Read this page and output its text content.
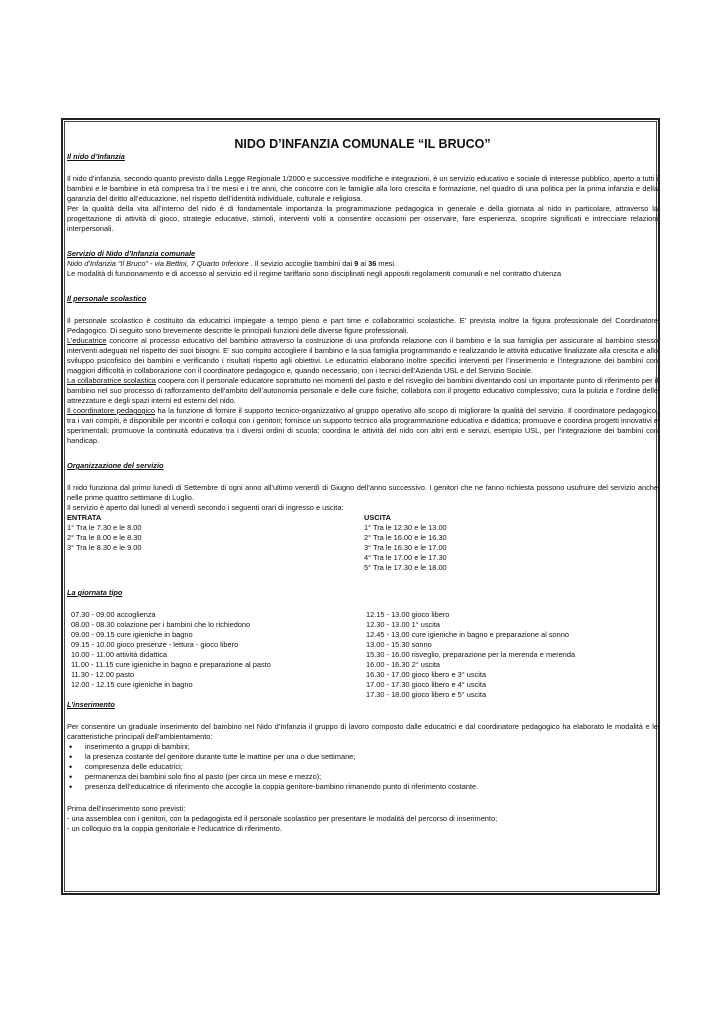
NIDO D’INFANZIA COMUNALE “IL BRUCO”

Il nido d’Infanzia

Il nido d’infanzia, secondo quanto previsto dalla Legge Regionale 1/2000 e successive modifiche e integrazioni, è un servizio educativo e sociale di interesse pubblico, aperto a tutti i bambini e le bambine in età compresa tra i tre mesi e i tre anni, che concorre con le famiglie alla loro crescita e formazione, nel quadro di una politica per la prima infanzia e della garanzia del diritto all’educazione, nel rispetto dell’identità individuale, culturale e religiosa.

Per la qualità della vita all’interno del nido è di fondamentale importanza la programmazione pedagogica in generale e della giornata al nido in particolare, attraverso la progettazione di attività di gioco, strategie educative, stimoli, interventi volti a consentire occasioni per osservare, fare esperienza, scoprire significati e intrecciare relazioni interpersonali.

Servizio di Nido d’Infanzia comunale

Nido d’Infanzia “Il Bruco” - via Bettini, 7 Quarto Inferiore . Il sevizio accoglie bambini dai 9 ai 36 mesi.

Le modalità di funzionamento e di accesso al servizio ed il regime tariffario sono disciplinati negli appositi regolamenti comunali e nel contratto d’utenza

Il personale scolastico

Il personale scolastico è costituito da educatrici impiegate a tempo pieno e part time e collaboratrici scolastiche. E’ prevista inoltre la figura professionale del Coordinatore Pedagogico. Di seguito sono brevemente descritte le principali funzioni delle diverse figure professionali.

L’educatrice concorre al processo educativo del bambino attraverso la costruzione di una profonda relazione con il bambino e la sua famiglia per assicurare al bambino stesso interventi adeguati nel rispetto dei suoi bisogni. E’ suo compito accogliere il bambino e la sua famiglia programmando e realizzando le attività educative finalizzate alla crescita e allo sviluppo psicofisico dei bambini e verificando i risultati rispetto agli obiettivi. Le educatrici elaborano inoltre specifici interventi per l’inserimento e l’integrazione dei bambini con maggiori difficoltà in collaborazione con il coordinatore pedagogico e, quando necessario, con i tecnici dell’Azienda USL e del Servizio Sociale.

La collaboratrice scolastica coopera con il personale educatore soprattutto nei momenti del pasto e del risveglio dei bambini diventando così un importante punto di riferimento per il bambino nel suo processo di rafforzamento dell’ambito dell’autonomia personale e delle cure fisiche; collabora con il progetto educativo complessivo; cura la pulizia e l’ordine delle attrezzature e degli spazi interni ed esterni del nido.

Il coordinatore pedagogico ha la funzione di fornire il supporto tecnico-organizzativo al gruppo operativo allo scopo di migliorare la qualità del servizio. Il coordinatore pedagogico, tra i vari compiti, è disponibile per incontri e colloqui con i genitori; fornisce un supporto tecnico alla programmazione educativa e didattica; promuove e coordina progetti innovativi e sperimentali; promuove la continuità educativa tra i diversi ordini di scuola; coordina le attività del nido con altri enti e servizi, esempio USL, per l’integrazione dei bambini con handicap.

Organizzazione del servizio

Il nido funziona dal primo lunedì di Settembre di ogni anno all’ultimo venerdì di Giugno dell’anno successivo. I genitori che ne fanno richiesta possono usufruire del servizio anche nelle prime quattro settimane di Luglio.

Il servizio è aperto dal lunedì al venerdì secondo i seguenti orari di ingresso e uscita:

ENTRATA
1° Tra le 7.30 e le 8.00
2° Tra le 8.00 e le 8.30
3° Tra le 8.30 e le 9.00
USCITA
1° Tra le 12.30 e le 13.00
2° Tra le 16.00 e le 16.30
3° Tra le 16.30 e le 17.00
4° Tra le 17.00 e le 17.30
5° Tra le 17.30 e le 18.00

La giornata tipo

07.30 - 09.00 accoglienza
08.00 - 08.30 colazione per i bambini che lo richiedono
09.00 - 09.15 cure igieniche in bagno
09.15 - 10.00 gioco presenze - lettura - gioco libero
10.00 - 11.00 attività didattica
11.00 - 11.15 cure igieniche in bagno e preparazione al pasto
11.30 - 12.00 pasto
12.00 - 12.15 cure igieniche in bagno
12.15 - 13.00 gioco libero
12.30 - 13.00 1° uscita
12.45 - 13.00 cure igieniche in bagno e preparazione al sonno
13.00 - 15.30 sonno
15.30 - 16.00 risveglio, preparazione per la merenda e merenda
16.00 - 16.30 2° uscita
16.30 - 17.00 gioco libero e 3° uscita
17.00 - 17.30 gioco libero e 4° uscita
17.30 - 18.00 gioco libero e 5° uscita

L’inserimento

Per consentire un graduale inserimento del bambino nel Nido d’Infanzia il gruppo di lavoro composto dalle educatrici e dal coordinatore pedagogico ha elaborato le modalità e le caratteristiche principali dell’ambientamento:

• inserimento a gruppi di bambini;
• la presenza costante del genitore durante tutte le mattine per una o due settimane;
• compresenza delle educatrici;
• permanenza dei bambini solo fino al pasto (per circa un mese e mezzo);
• presenza dell’educatrice di riferimento che accoglie la coppia genitore-bambino rimanendo punto di riferimento costante.

Prima dell’inserimento sono previsti:

- una assemblea con i genitori, con la pedagogista ed il personale scolastico per presentare le modalità del percorso di inserimento;

- un colloquio tra la coppia genitoriale e l’educatrice di riferimento.
